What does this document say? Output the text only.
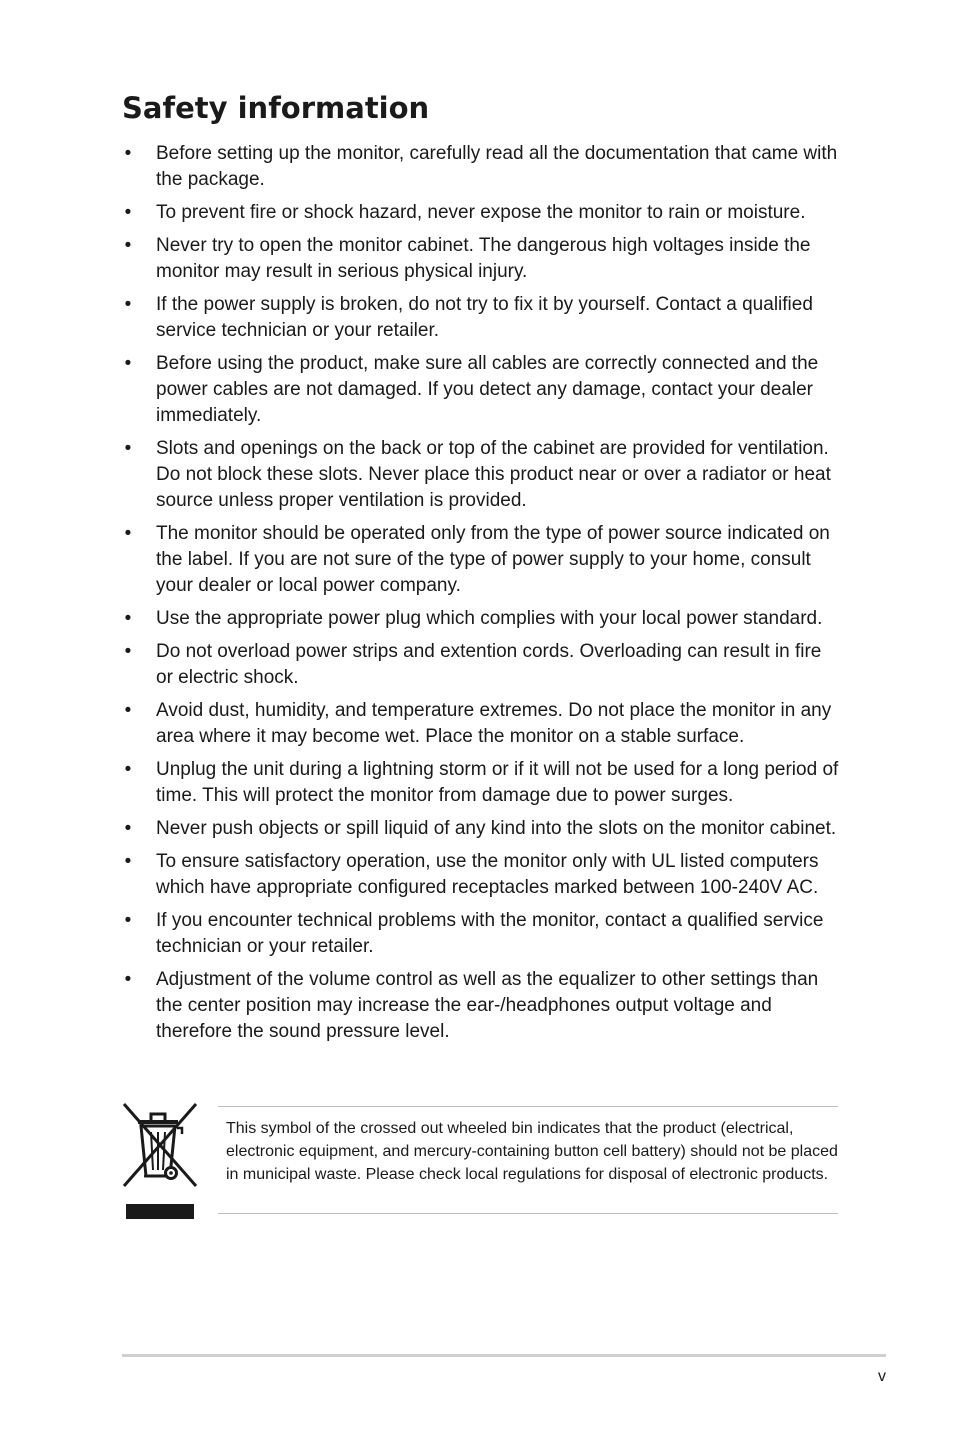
Safety information
• Before setting up the monitor, carefully read all the documentation that came with the package.
• To prevent fire or shock hazard, never expose the monitor to rain or moisture.
• Never try to open the monitor cabinet. The dangerous high voltages inside the monitor may result in serious physical injury.
• If the power supply is broken, do not try to fix it by yourself. Contact a qualified service technician or your retailer.
• Before using the product, make sure all cables are correctly connected and the power cables are not damaged. If you detect any damage, contact your dealer immediately.
• Slots and openings on the back or top of the cabinet are provided for ventilation. Do not block these slots. Never place this product near or over a radiator or heat source unless proper ventilation is provided.
• The monitor should be operated only from the type of power source indicated on the label. If you are not sure of the type of power supply to your home, consult your dealer or local power company.
• Use the appropriate power plug which complies with your local power standard.
• Do not overload power strips and extention cords. Overloading can result in fire or electric shock.
• Avoid dust, humidity, and temperature extremes. Do not place the monitor in any area where it may become wet. Place the monitor on a stable surface.
• Unplug the unit during a lightning storm or if it will not be used for a long period of time. This will protect the monitor from damage due to power surges.
• Never push objects or spill liquid of any kind into the slots on the monitor cabinet.
• To ensure satisfactory operation, use the monitor only with UL listed computers which have appropriate configured receptacles marked between 100-240V AC.
• If you encounter technical problems with the monitor, contact a qualified service technician or your retailer.
• Adjustment of the volume control as well as the equalizer to other settings than the center position may increase the ear-/headphones output voltage and therefore the sound pressure level.
This symbol of the crossed out wheeled bin indicates that the product (electrical, electronic equipment, and mercury-containing button cell battery) should not be placed in municipal waste. Please check local regulations for disposal of electronic products.
v
